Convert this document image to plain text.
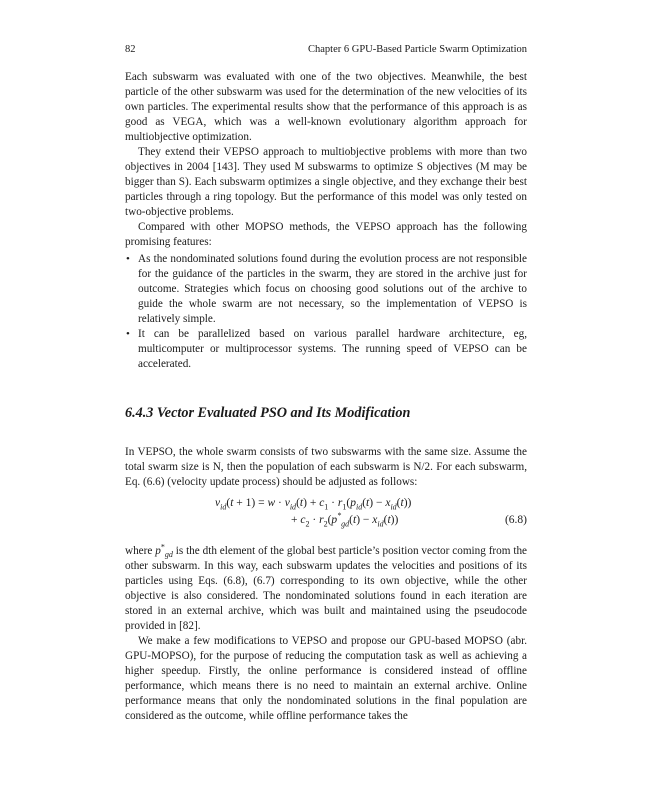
82	Chapter 6 GPU-Based Particle Swarm Optimization

Each subswarm was evaluated with one of the two objectives. Meanwhile, the best particle of the other subswarm was used for the determination of the new velocities of its own particles. The experimental results show that the performance of this approach is as good as VEGA, which was a well-known evolutionary algorithm approach for multiobjective optimization.

They extend their VEPSO approach to multiobjective problems with more than two objectives in 2004 [143]. They used M subswarms to optimize S objectives (M may be bigger than S). Each subswarm optimizes a single objective, and they exchange their best particles through a ring topology. But the performance of this model was only tested on two-objective problems.

Compared with other MOPSO methods, the VEPSO approach has the following promising features:

• As the nondominated solutions found during the evolution process are not responsible for the guidance of the particles in the swarm, they are stored in the archive just for outcome. Strategies which focus on choosing good solutions out of the archive to guide the whole swarm are not necessary, so the implementation of VEPSO is relatively simple.
• It can be parallelized based on various parallel hardware architecture, eg, multicomputer or multiprocessor systems. The running speed of VEPSO can be accelerated.
6.4.3 Vector Evaluated PSO and Its Modification

In VEPSO, the whole swarm consists of two subswarms with the same size. Assume the total swarm size is N, then the population of each subswarm is N/2. For each subswarm, Eq. (6.6) (velocity update process) should be adjusted as follows:

$v_{id}(t + 1) = w \cdot v_{id}(t) + c_1 \cdot r_1(p_{id}(t) - x_{id}(t))$
+ $c_2 \cdot r_2(p^*_{gd}(t) - x_{id}(t))$	(6.8)

where $p^*_{gd}$ is the dth element of the global best particle’s position vector coming from the other subswarm. In this way, each subswarm updates the velocities and positions of its particles using Eqs. (6.8), (6.7) corresponding to its own objective, while the other objective is also considered. The nondominated solutions found in each iteration are stored in an external archive, which was built and maintained using the pseudocode provided in [82].

We make a few modifications to VEPSO and propose our GPU-based MOPSO (abr. GPU-MOPSO), for the purpose of reducing the computation task as well as achieving a higher speedup. Firstly, the online performance is considered instead of offline performance, which means there is no need to maintain an external archive. Online performance means that only the nondominated solutions in the final population are considered as the outcome, while offline performance takes the
